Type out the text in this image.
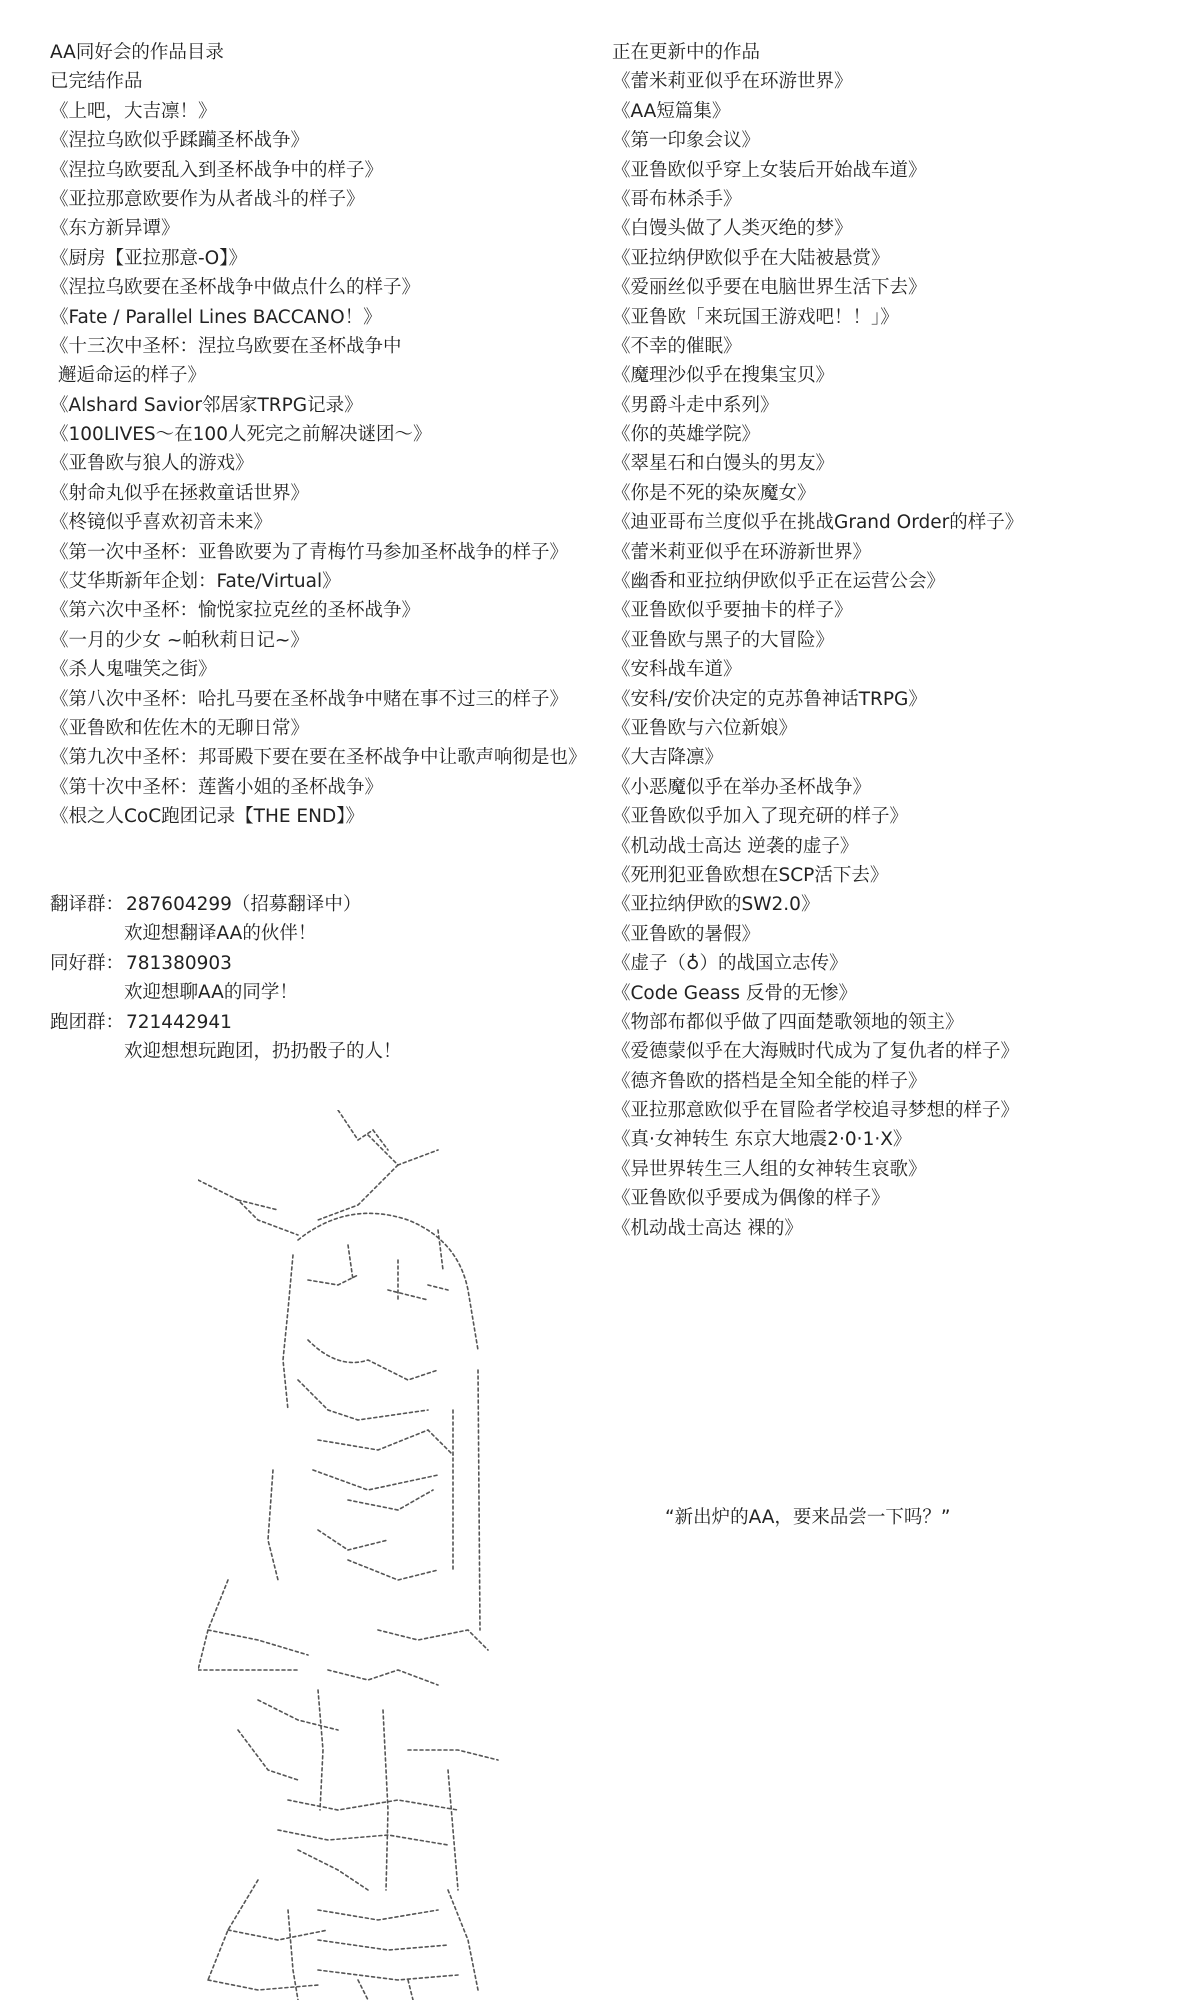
AA同好会的作品目录
已完结作品
《上吧，大吉凛！》
《涅拉乌欧似乎蹂躏圣杯战争》
《涅拉乌欧要乱入到圣杯战争中的样子》
《亚拉那意欧要作为从者战斗的样子》
《东方新异谭》
《厨房【亚拉那意-O】》
《涅拉乌欧要在圣杯战争中做点什么的样子》
《Fate / Parallel Lines BACCANO！》
《十三次中圣杯：涅拉乌欧要在圣杯战争中
邂逅命运的样子》
《Alshard Savior邻居家TRPG记录》
《100LIVES～在100人死完之前解决谜团～》
《亚鲁欧与狼人的游戏》
《射命丸似乎在拯救童话世界》
《柊镜似乎喜欢初音未来》
《第一次中圣杯：亚鲁欧要为了青梅竹马参加圣杯战争的样子》
《艾华斯新年企划：Fate/Virtual》
《第六次中圣杯：愉悦家拉克丝的圣杯战争》
《一月的少女 ~帕秋莉日记~》
《杀人鬼嗤笑之街》
《第八次中圣杯：哈扎马要在圣杯战争中赌在事不过三的样子》
《亚鲁欧和佐佐木的无聊日常》
《第九次中圣杯：邦哥殿下要在要在圣杯战争中让歌声响彻是也》
《第十次中圣杯：莲酱小姐的圣杯战争》
《根之人CoC跑团记录【THE END】》
翻译群： 287604299（招募翻译中）
欢迎想翻译AA的伙伴！
同好群： 781380903
欢迎想聊AA的同学！
跑团群： 721442941
欢迎想想玩跑团，扔扔骰子的人！
正在更新中的作品
《蕾米莉亚似乎在环游世界》
《AA短篇集》
《第一印象会议》
《亚鲁欧似乎穿上女装后开始战车道》
《哥布林杀手》
《白馒头做了人类灭绝的梦》
《亚拉纳伊欧似乎在大陆被悬赏》
《爱丽丝似乎要在电脑世界生活下去》
《亚鲁欧「来玩国王游戏吧！！」》
《不幸的催眠》
《魔理沙似乎在搜集宝贝》
《男爵斗走中系列》
《你的英雄学院》
《翠星石和白馒头的男友》
《你是不死的染灰魔女》
《迪亚哥布兰度似乎在挑战Grand Order的样子》
《蕾米莉亚似乎在环游新世界》
《幽香和亚拉纳伊欧似乎正在运营公会》
《亚鲁欧似乎要抽卡的样子》
《亚鲁欧与黑子的大冒险》
《安科战车道》
《安科/安价决定的克苏鲁神话TRPG》
《亚鲁欧与六位新娘》
《大吉降凛》
《小恶魔似乎在举办圣杯战争》
《亚鲁欧似乎加入了现充研的样子》
《机动战士高达 逆袭的虚子》
《死刑犯亚鲁欧想在SCP活下去》
《亚拉纳伊欧的SW2.0》
《亚鲁欧的暑假》
《虚子（♁）的战国立志传》
《Code Geass 反骨的无惨》
《物部布都似乎做了四面楚歌领地的领主》
《爱德蒙似乎在大海贼时代成为了复仇者的样子》
《德齐鲁欧的搭档是全知全能的样子》
《亚拉那意欧似乎在冒险者学校追寻梦想的样子》
《真·女神转生 东京大地震2·0·1·X》
《异世界转生三人组的女神转生哀歌》
《亚鲁欧似乎要成为偶像的样子》
《机动战士高达 裸的》
“新出炉的AA，要来品尝一下吗？”
